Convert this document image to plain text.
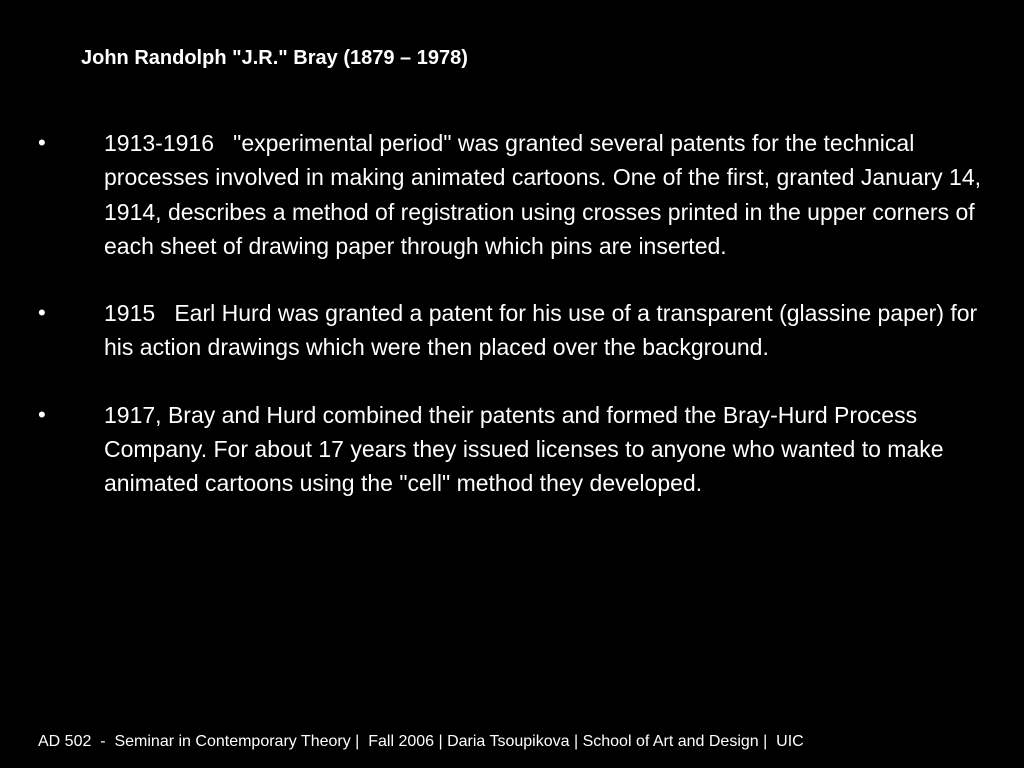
John Randolph "J.R." Bray (1879 – 1978)
•	1913-1916   "experimental period" was granted several patents for the technical processes involved in making animated cartoons. One of the first, granted January 14, 1914, describes a method of registration using crosses printed in the upper corners of each sheet of drawing paper through which pins are inserted.
•	1915   Earl Hurd was granted a patent for his use of a transparent (glassine paper) for his action drawings which were then placed over the background.
•	1917, Bray and Hurd combined their patents and formed the Bray-Hurd Process Company. For about 17 years they issued licenses to anyone who wanted to make animated cartoons using the "cell" method they developed.
AD 502  -  Seminar in Contemporary Theory |  Fall 2006 | Daria Tsoupikova | School of Art and Design |  UIC
